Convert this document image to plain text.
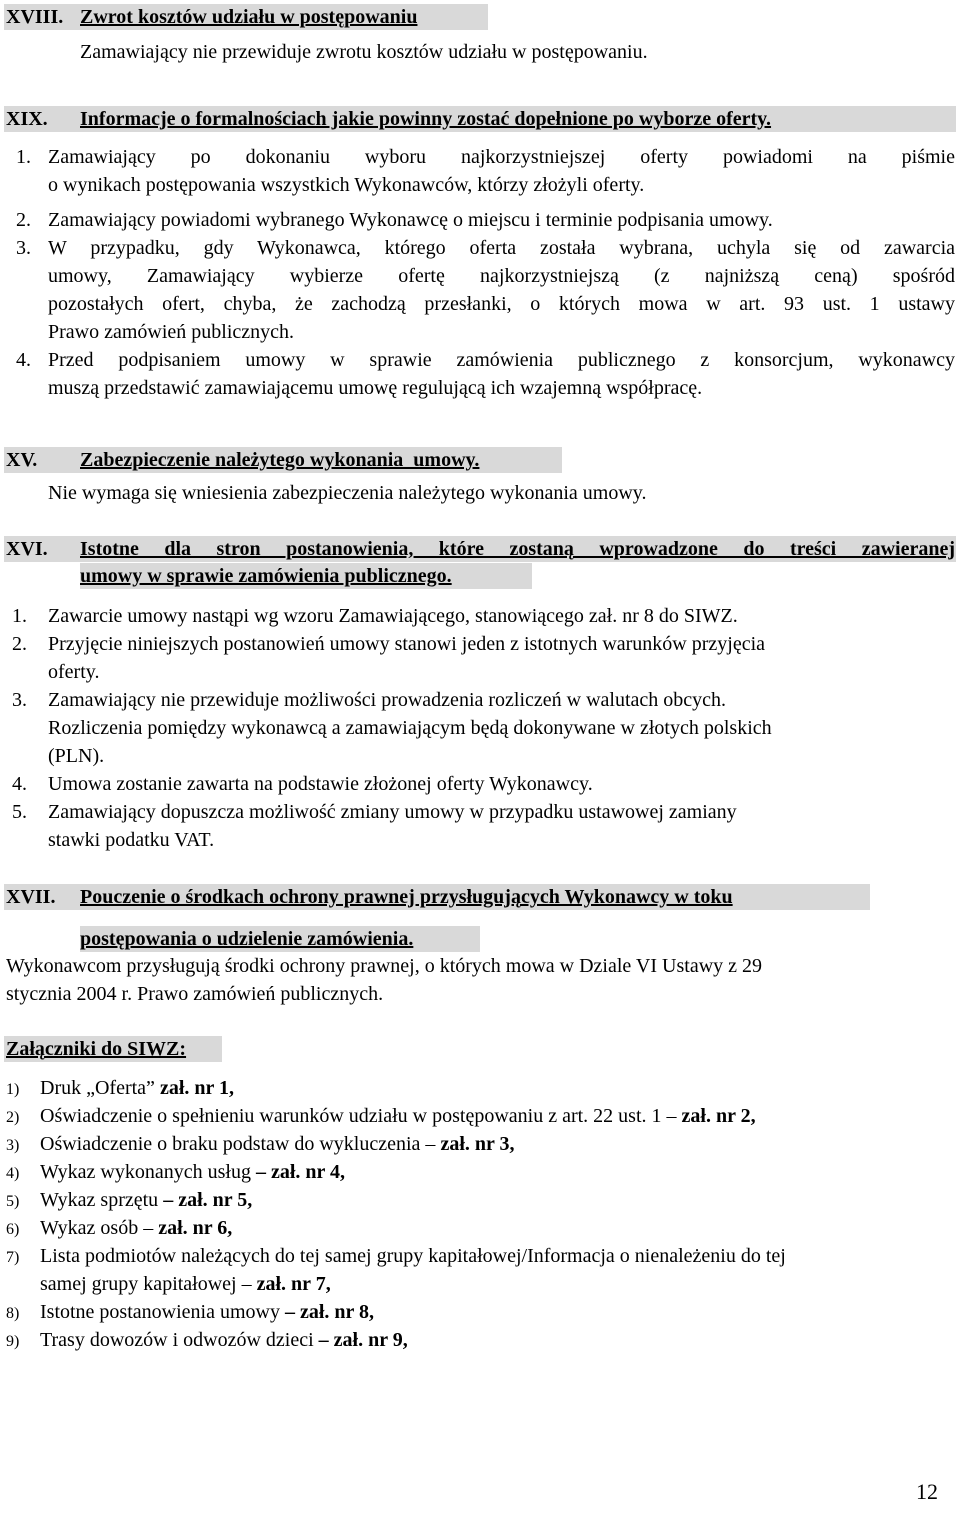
XVIII. Zwrot kosztów udziału w postępowaniu
Zamawiający nie przewiduje zwrotu kosztów udziału w postępowaniu.
XIX. Informacje o formalnościach jakie powinny zostać dopełnione po wyborze oferty.
1. Zamawiający po dokonaniu wyboru najkorzystniejszej oferty powiadomi na piśmie
o wynikach postępowania wszystkich Wykonawców, którzy złożyli oferty.
2. Zamawiający powiadomi wybranego Wykonawcę o miejscu i terminie podpisania umowy.
3. W przypadku, gdy Wykonawca, którego oferta została wybrana, uchyla się od zawarcia
umowy, Zamawiający wybierze ofertę najkorzystniejszą (z najniższą ceną) spośród
pozostałych ofert, chyba, że zachodzą przesłanki, o których mowa w art. 93 ust. 1 ustawy
Prawo zamówień publicznych.
4. Przed podpisaniem umowy w sprawie zamówienia publicznego z konsorcjum, wykonawcy
muszą przedstawić zamawiającemu umowę regulującą ich wzajemną współpracę.
XV. Zabezpieczenie należytego wykonania  umowy.
Nie wymaga się wniesienia zabezpieczenia należytego wykonania umowy.
XVI. Istotne dla stron postanowienia, które zostaną wprowadzone do treści zawieranej
umowy w sprawie zamówienia publicznego.
1. Zawarcie umowy nastąpi wg wzoru Zamawiającego, stanowiącego zał. nr 8 do SIWZ.
2. Przyjęcie niniejszych postanowień umowy stanowi jeden z istotnych warunków przyjęcia
oferty.
3. Zamawiający nie przewiduje możliwości prowadzenia rozliczeń w walutach obcych.
Rozliczenia pomiędzy wykonawcą a zamawiającym będą dokonywane w złotych polskich
(PLN).
4. Umowa zostanie zawarta na podstawie złożonej oferty Wykonawcy.
5. Zamawiający dopuszcza możliwość zmiany umowy w przypadku ustawowej zamiany
stawki podatku VAT.
XVII. Pouczenie o środkach ochrony prawnej przysługujących Wykonawcy w toku
postępowania o udzielenie zamówienia.
Wykonawcom przysługują środki ochrony prawnej, o których mowa w Dziale VI Ustawy z 29
stycznia 2004 r. Prawo zamówień publicznych.
Załączniki do SIWZ:
1) Druk „Oferta” zał. nr 1,
2) Oświadczenie o spełnieniu warunków udziału w postępowaniu z art. 22 ust. 1 – zał. nr 2,
3) Oświadczenie o braku podstaw do wykluczenia – zał. nr 3,
4) Wykaz wykonanych usług – zał. nr 4,
5) Wykaz sprzętu – zał. nr 5,
6) Wykaz osób – zał. nr 6,
7) Lista podmiotów należących do tej samej grupy kapitałowej/Informacja o nienależeniu do tej
samej grupy kapitałowej – zał. nr 7,
8) Istotne postanowienia umowy – zał. nr 8,
9) Trasy dowozów i odwozów dzieci – zał. nr 9,
12
